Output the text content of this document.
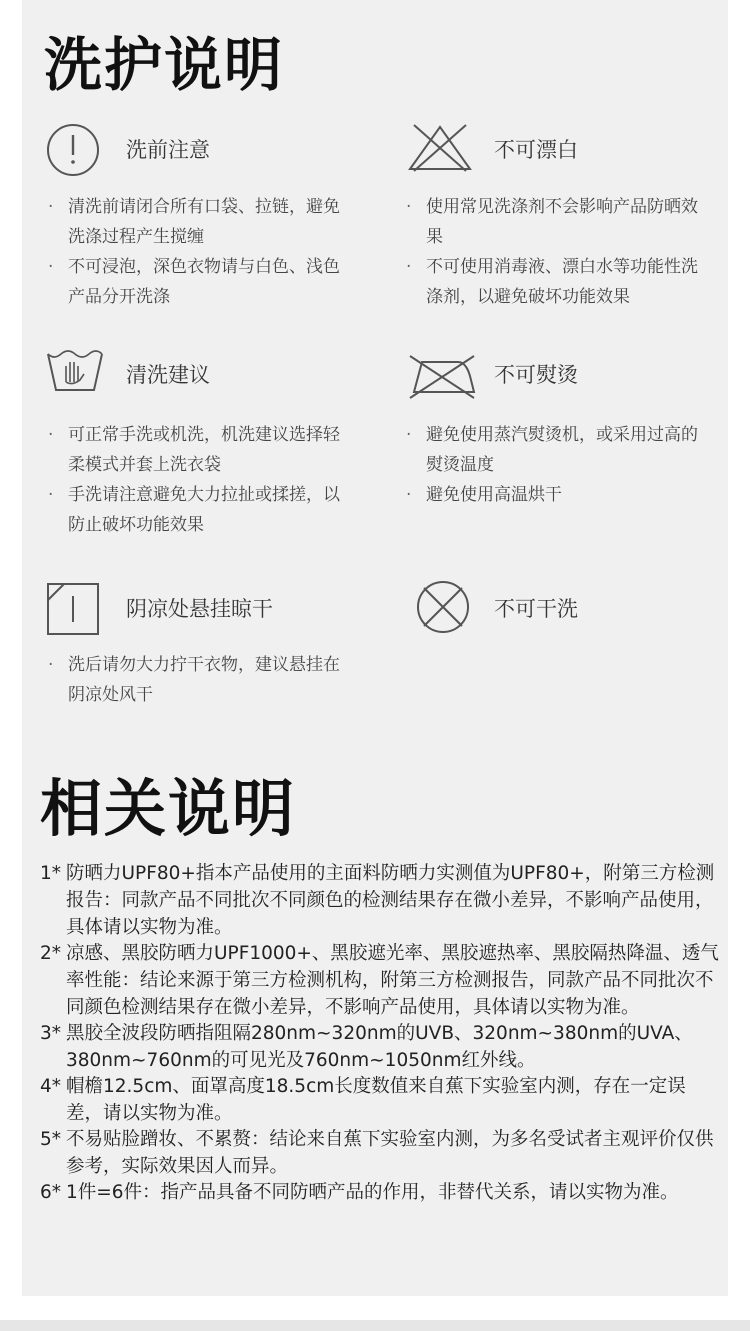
洗护说明
洗前注意
· 清洗前请闭合所有口袋、拉链，避免洗涤过程产生搅缠
· 不可浸泡，深色衣物请与白色、浅色产品分开洗涤
不可漂白
· 使用常见洗涤剂不会影响产品防晒效果
· 不可使用消毒液、漂白水等功能性洗涤剂，以避免破坏功能效果
清洗建议
· 可正常手洗或机洗，机洗建议选择轻柔模式并套上洗衣袋
· 手洗请注意避免大力拉扯或揉搓，以防止破坏功能效果
不可熨烫
· 避免使用蒸汽熨烫机，或采用过高的熨烫温度
· 避免使用高温烘干
阴凉处悬挂晾干
· 洗后请勿大力拧干衣物，建议悬挂在阴凉处风干
不可干洗
相关说明
1* 防晒力UPF80+指本产品使用的主面料防晒力实测值为UPF80+，附第三方检测报告：同款产品不同批次不同颜色的检测结果存在微小差异，不影响产品使用，具体请以实物为准。
2* 凉感、黑胶防晒力UPF1000+、黑胶遮光率、黑胶遮热率、黑胶隔热降温、透气率性能：结论来源于第三方检测机构，附第三方检测报告，同款产品不同批次不同颜色检测结果存在微小差异，不影响产品使用，具体请以实物为准。
3* 黑胶全波段防晒指阻隔280nm~320nm的UVB、320nm~380nm的UVA、380nm~760nm的可见光及760nm~1050nm红外线。
4* 帽檐12.5cm、面罩高度18.5cm长度数值来自蕉下实验室内测，存在一定误差，请以实物为准。
5* 不易贴脸蹭妆、不累赘：结论来自蕉下实验室内测，为多名受试者主观评价仅供参考，实际效果因人而异。
6* 1件=6件：指产品具备不同防晒产品的作用，非替代关系，请以实物为准。
